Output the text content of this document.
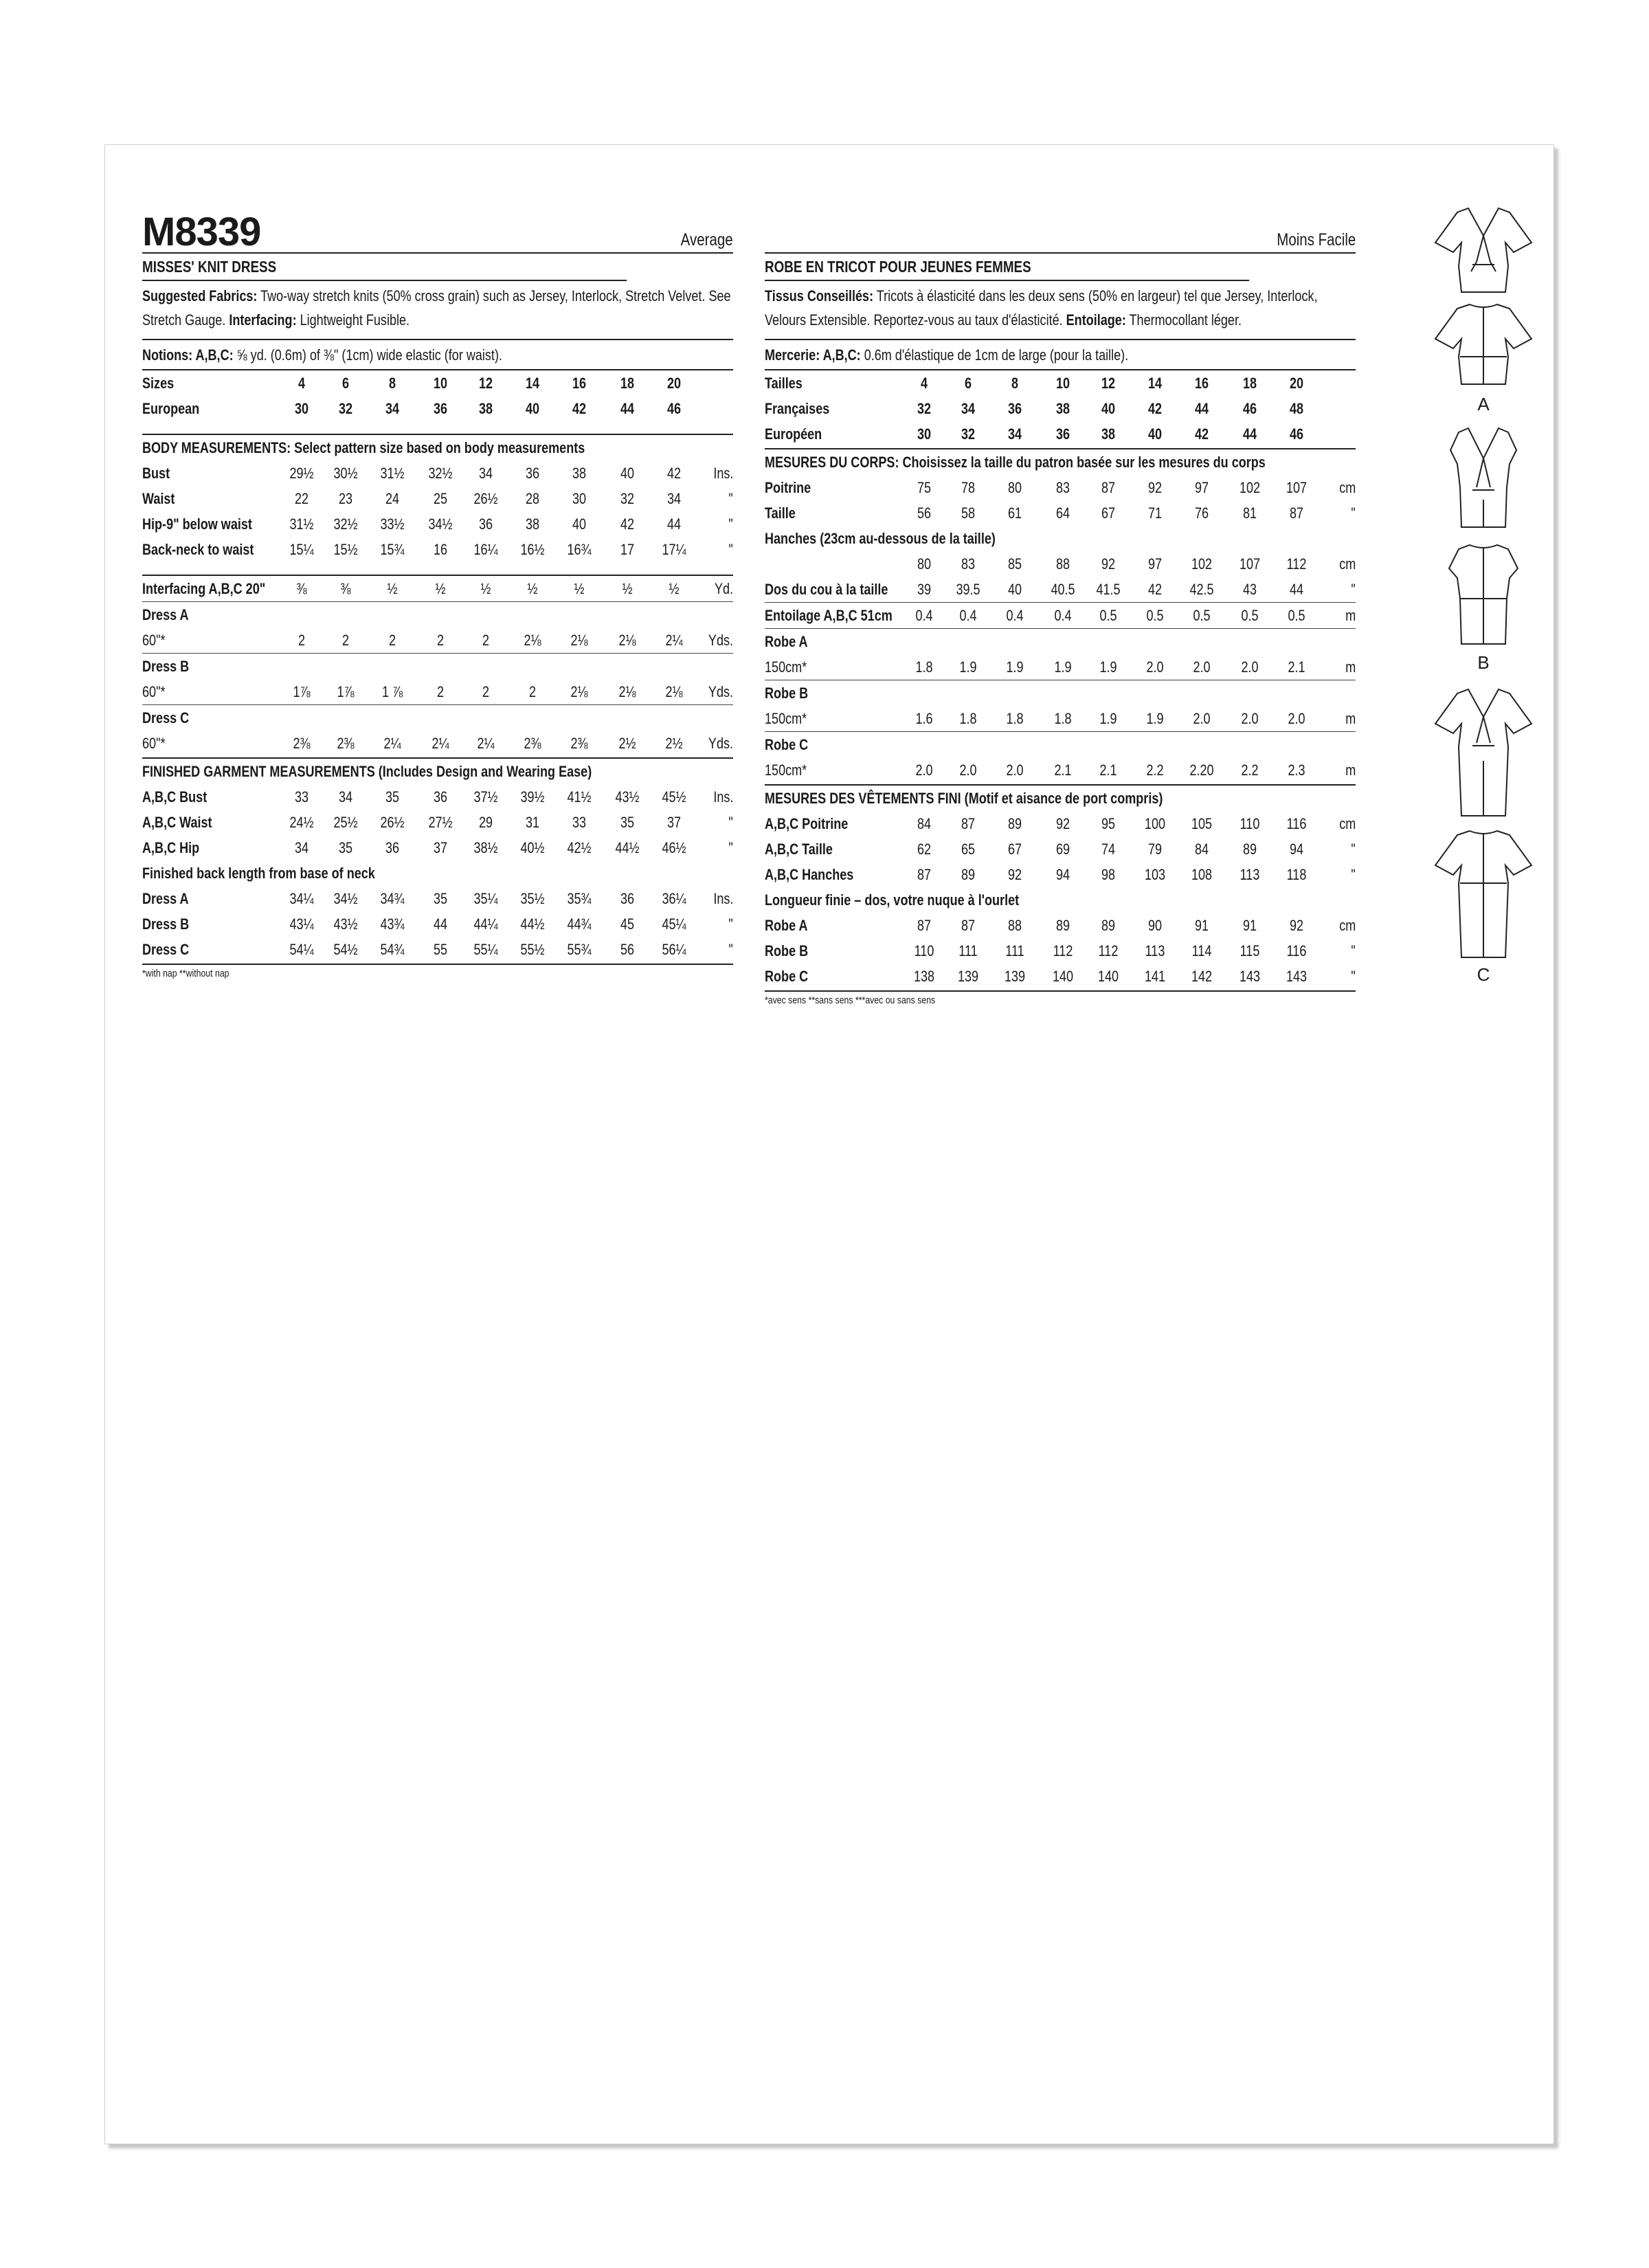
M8339	Average
MISSES' KNIT DRESS
Suggested Fabrics: Two-way stretch knits (50% cross grain) such as Jersey, Interlock, Stretch Velvet. See Stretch Gauge. Interfacing: Lightweight Fusible.
Notions: A,B,C: ⅝ yd. (0.6m) of ⅜" (1cm) wide elastic (for waist).
Sizes	4 6	8 10 12 14 16 18 20
European	30 32 34 36 38 40 42 44 46
BODY MEASUREMENTS: Select pattern size based on body measurements
Bust	29½ 30½ 31½ 32½ 34 36 38 40 42 Ins.
Waist	22 23 24 25 26½ 28 30 32 34	"
Hip-9" below waist 31½ 32½ 33½ 34½ 36 38 40 42 44	"
Back-neck to waist 15¼ 15½ 15¾ 16 16¼ 16½ 16¾ 17 17¼	"
Interfacing A,B,C 20" ⅜ ⅜ ½ ½ ½ ½ ½ ½ ½ Yd.
Dress A
60"*	2 2	2	2	2 2⅛ 2⅛ 2⅛ 2¼ Yds.
Dress B
60"*	1⅞ 1⅞ 1 ⅞ 2	2	2 2⅛ 2⅛ 2⅛ Yds.
Dress C
60"*	2⅜ 2⅜ 2¼ 2¼ 2¼ 2⅜ 2⅜ 2½ 2½ Yds.
FINISHED GARMENT MEASUREMENTS (Includes Design and Wearing Ease)
A,B,C Bust	33 34 35 36 37½ 39½ 41½ 43½ 45½ Ins.
A,B,C Waist	24½ 25½ 26½ 27½ 29 31 33 35 37	"
A,B,C Hip	34 35 36 37 38½ 40½ 42½ 44½ 46½	"
Finished back length from base of neck
Dress A	34¼ 34½ 34¾ 35 35¼ 35½ 35¾ 36 36¼ Ins.
Dress B	43¼ 43½ 43¾ 44 44¼ 44½ 44¾ 45 45¼	"
Dress C	54¼ 54½ 54¾ 55 55¼ 55½ 55¾ 56 56¼	"
*with nap **without nap
Moins Facile
ROBE EN TRICOT POUR JEUNES FEMMES
Tissus Conseillés: Tricots à élasticité dans les deux sens (50% en largeur) tel que Jersey, Interlock, Velours Extensible. Reportez-vous au taux d'élasticité. Entoilage: Thermocollant léger.
Mercerie: A,B,C: 0.6m d'élastique de 1cm de large (pour la taille).
Tailles	4 6	8 10 12 14 16 18 20
Françaises	32 34 36 38 40 42 44 46 48
Européen	30 32 34 36 38 40 42 44 46
MESURES DU CORPS: Choisissez la taille du patron basée sur les mesures du corps
Poitrine	75 78 80 83 87 92 97 102 107 cm
Taille	56 58 61 64 67 71 76 81 87	"
Hanches (23cm au-dessous de la taille)
80 83 85 88 92 97 102 107 112 cm
Dos du cou à la taille 39 39.5 40 40.5 41.5 42 42.5 43 44	"
Entoilage A,B,C 51cm 0.4 0.4 0.4 0.4 0.5 0.5 0.5 0.5 0.5	m
Robe A
150cm*	1.8 1.9 1.9 1.9 1.9 2.0 2.0 2.0 2.1	m
Robe B
150cm*	1.6 1.8 1.8 1.8 1.9 1.9 2.0 2.0 2.0	m
Robe C
150cm*	2.0 2.0 2.0 2.1 2.1 2.2 2.20 2.2 2.3	m
MESURES DES VÊTEMENTS FINI (Motif et aisance de port compris)
A,B,C Poitrine	84 87 89 92 95 100 105 110 116 cm
A,B,C Taille	62 65 67 69 74 79 84 89 94	"
A,B,C Hanches	87 89 92 94 98 103 108 113 118	"
Longueur finie – dos, votre nuque à l'ourlet
Robe A	87 87 88 89 89 90 91 91 92 cm
Robe B	110 111 111 112 112 113 114 115 116	"
Robe C	138 139 139 140 140 141 142 143 143	"
*avec sens **sans sens ***avec ou sans sens
A
B
C
